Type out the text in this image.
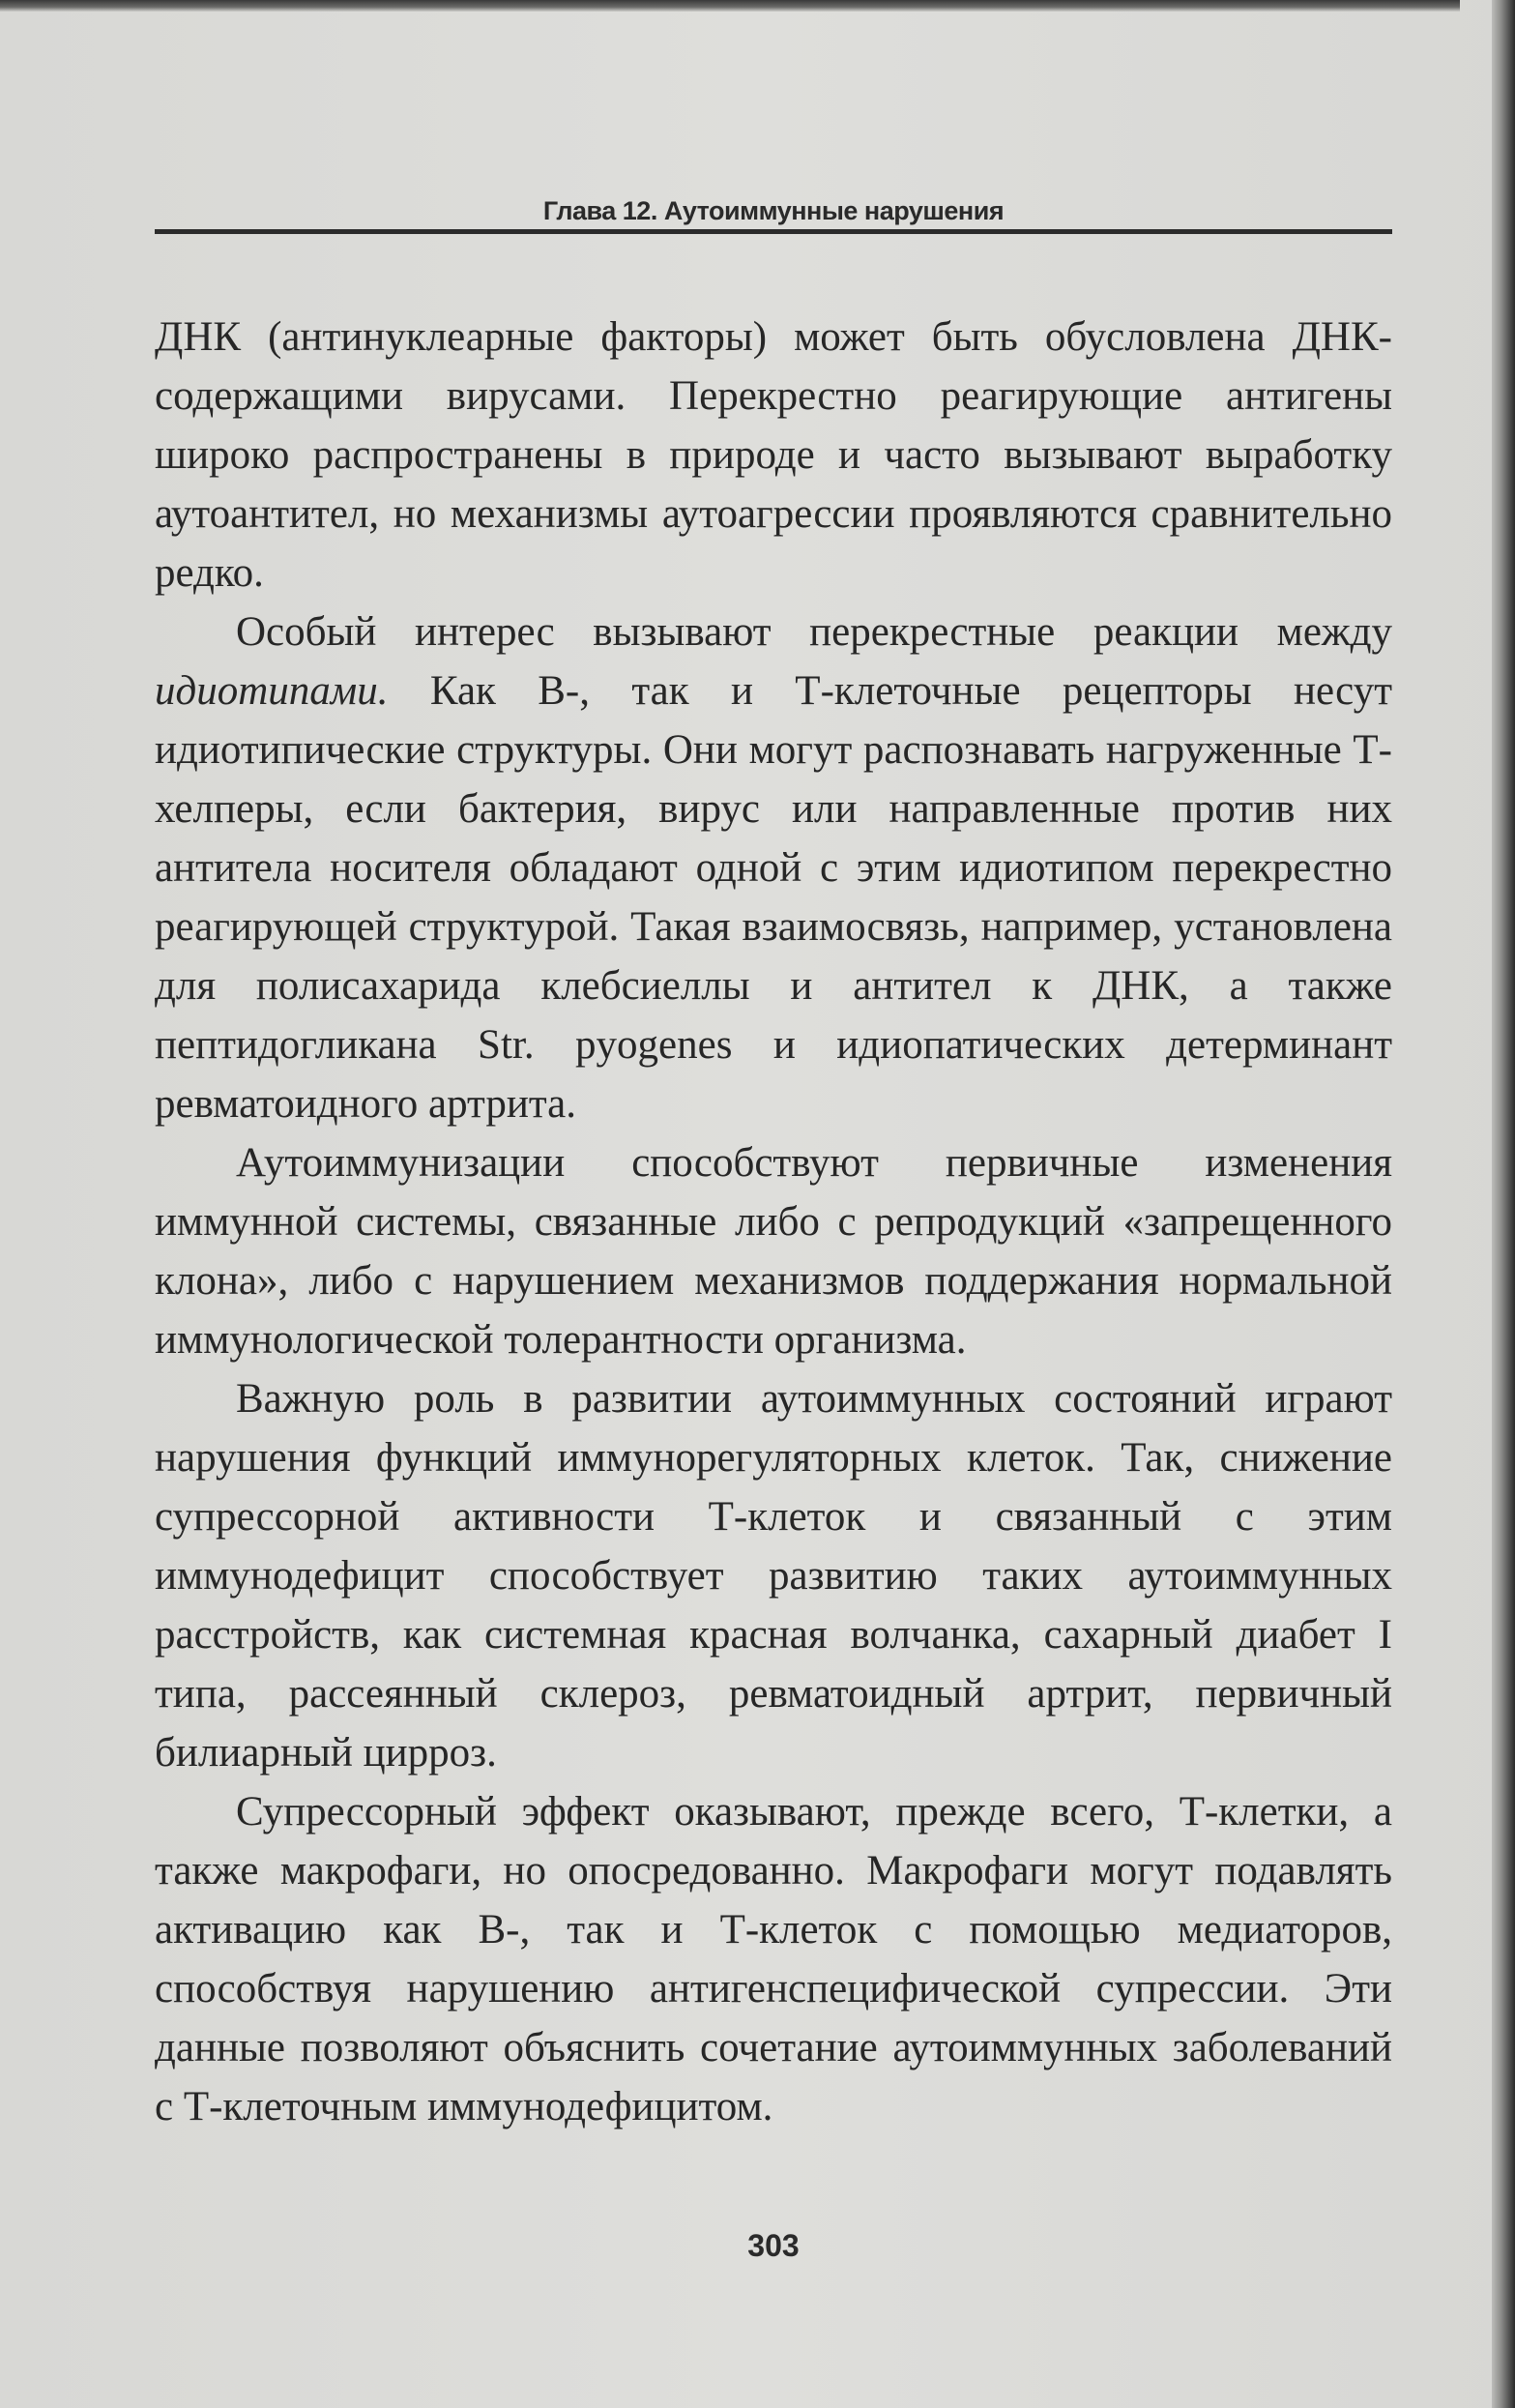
Глава 12. Аутоиммунные нарушения

ДНК (антинуклеарные факторы) может быть обусловлена ДНК-содержащими вирусами. Перекрестно реагирующие антигены широко распространены в природе и часто вызывают выработку аутоантител, но механизмы аутоагрессии проявляются сравнительно редко.

Особый интерес вызывают перекрестные реакции между идиотипами. Как В-, так и Т-клеточные рецепторы несут идиотипические структуры. Они могут распознавать нагруженные Т-хелперы, если бактерия, вирус или направленные против них антитела носителя обладают одной с этим идиотипом перекрестно реагирующей структурой. Такая взаимосвязь, например, установлена для полисахарида клебсиеллы и антител к ДНК, а также пептидогликана Str. pyogenes и идиопатических детерминант ревматоидного артрита.

Аутоиммунизации способствуют первичные изменения иммунной системы, связанные либо с репродукций «запрещенного клона», либо с нарушением механизмов поддержания нормальной иммунологической толерантности организма.

Важную роль в развитии аутоиммунных состояний играют нарушения функций иммунорегуляторных клеток. Так, снижение супрессорной активности Т-клеток и связанный с этим иммунодефицит способствует развитию таких аутоиммунных расстройств, как системная красная волчанка, сахарный диабет I типа, рассеянный склероз, ревматоидный артрит, первичный билиарный цирроз.

Супрессорный эффект оказывают, прежде всего, Т-клетки, а также макрофаги, но опосредованно. Макрофаги могут подавлять активацию как В-, так и Т-клеток с помощью медиаторов, способствуя нарушению антигенспецифической супрессии. Эти данные позволяют объяснить сочетание аутоиммунных заболеваний с Т-клеточным иммунодефицитом.

303
